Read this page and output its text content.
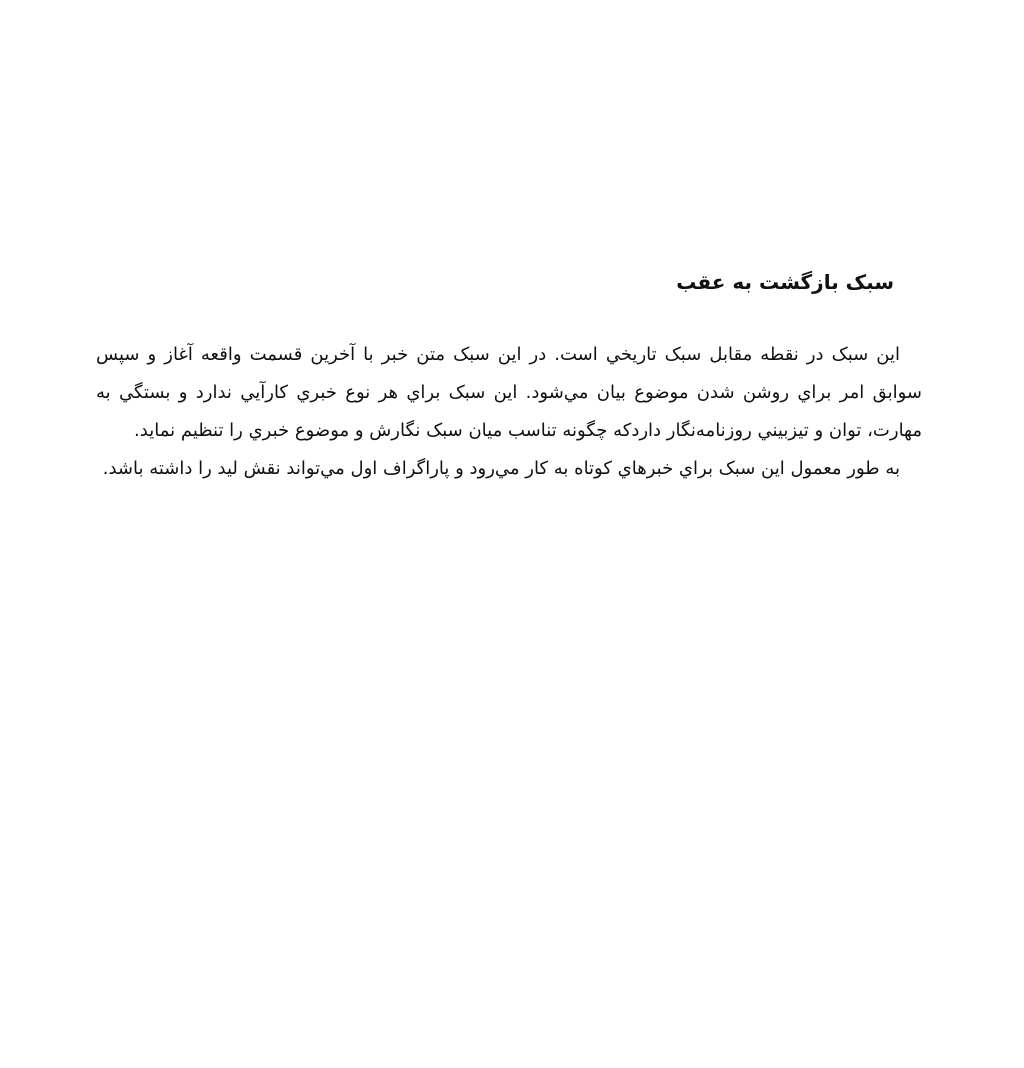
سبک بازگشت به عقب

اين سبک در نقطه مقابل سبک تاريخي است. در اين سبک متن خبر با آخرين قسمت واقعه آغاز و سپس سوابق امر براي روشن شدن موضوع بيان مي‌شود. اين سبک براي هر نوع خبري کارآيي ندارد و بستگي به مهارت، توان و تيزبيني روزنامه‌نگار داردکه چگونه تناسب ميان سبک نگارش و موضوع خبري را تنظيم نمايد.

به طور معمول اين سبک براي خبرهاي کوتاه به کار مي‌رود و پاراگراف اول مي‌تواند نقش ليد را داشته باشد.
